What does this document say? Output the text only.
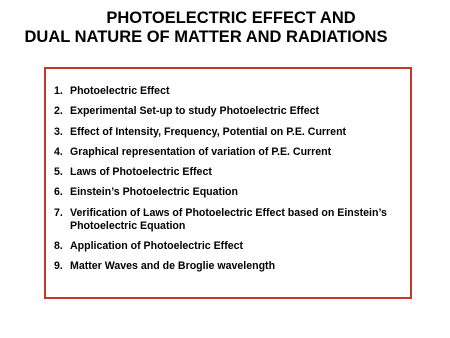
PHOTOELECTRIC EFFECT AND
DUAL NATURE OF MATTER AND RADIATIONS
1. Photoelectric Effect
2. Experimental Set-up to study Photoelectric Effect
3. Effect of Intensity, Frequency, Potential on P.E. Current
4. Graphical representation of variation of P.E. Current
5. Laws of Photoelectric Effect
6. Einstein’s Photoelectric Equation
7. Verification of Laws of Photoelectric Effect based on Einstein’s Photoelectric Equation
8. Application of Photoelectric Effect
9. Matter Waves and de Broglie wavelength
